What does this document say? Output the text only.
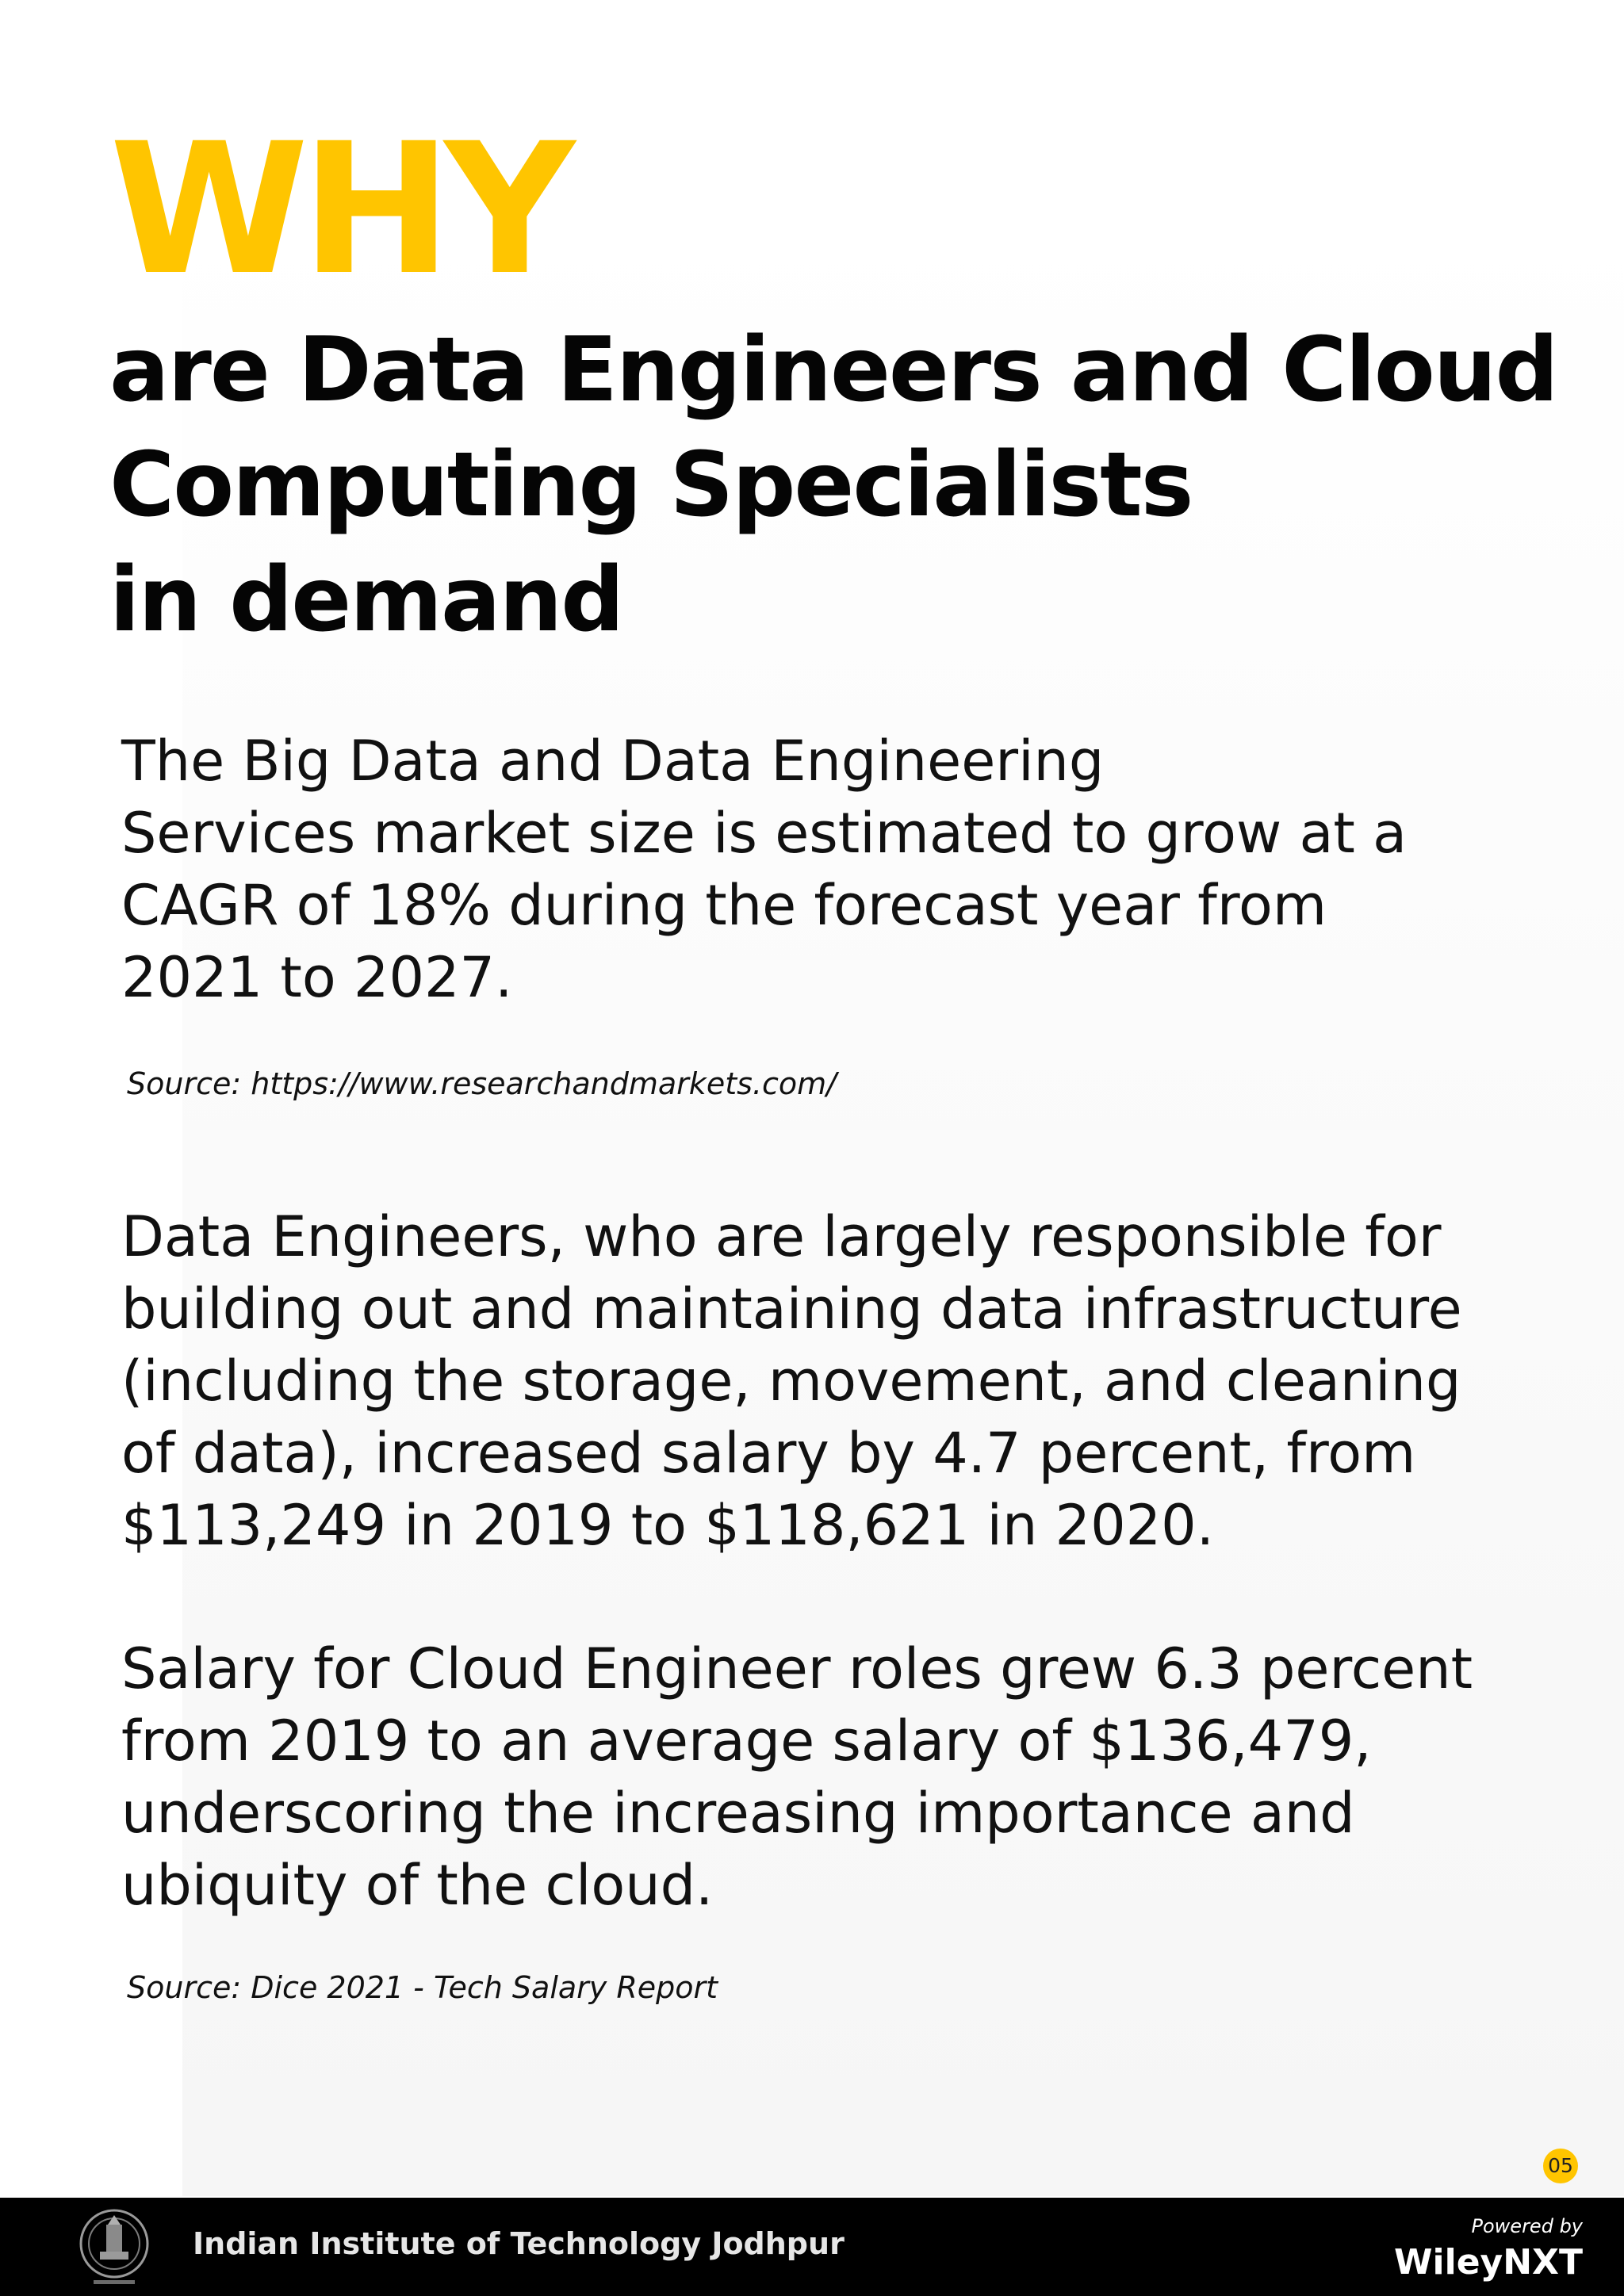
WHY
are Data Engineers and Cloud
Computing Specialists
in demand

The Big Data and Data Engineering
Services market size is estimated to grow at a
CAGR of 18% during the forecast year from
2021 to 2027.

Source: https://www.researchandmarkets.com/

Data Engineers, who are largely responsible for
building out and maintaining data infrastructure
(including the storage, movement, and cleaning
of data), increased salary by 4.7 percent, from
$113,249 in 2019 to $118,621 in 2020.

Salary for Cloud Engineer roles grew 6.3 percent
from 2019 to an average salary of $136,479,
underscoring the increasing importance and
ubiquity of the cloud.

Source: Dice 2021 - Tech Salary Report
05
Indian Institute of Technology Jodhpur	Powered by
WileyNXT
